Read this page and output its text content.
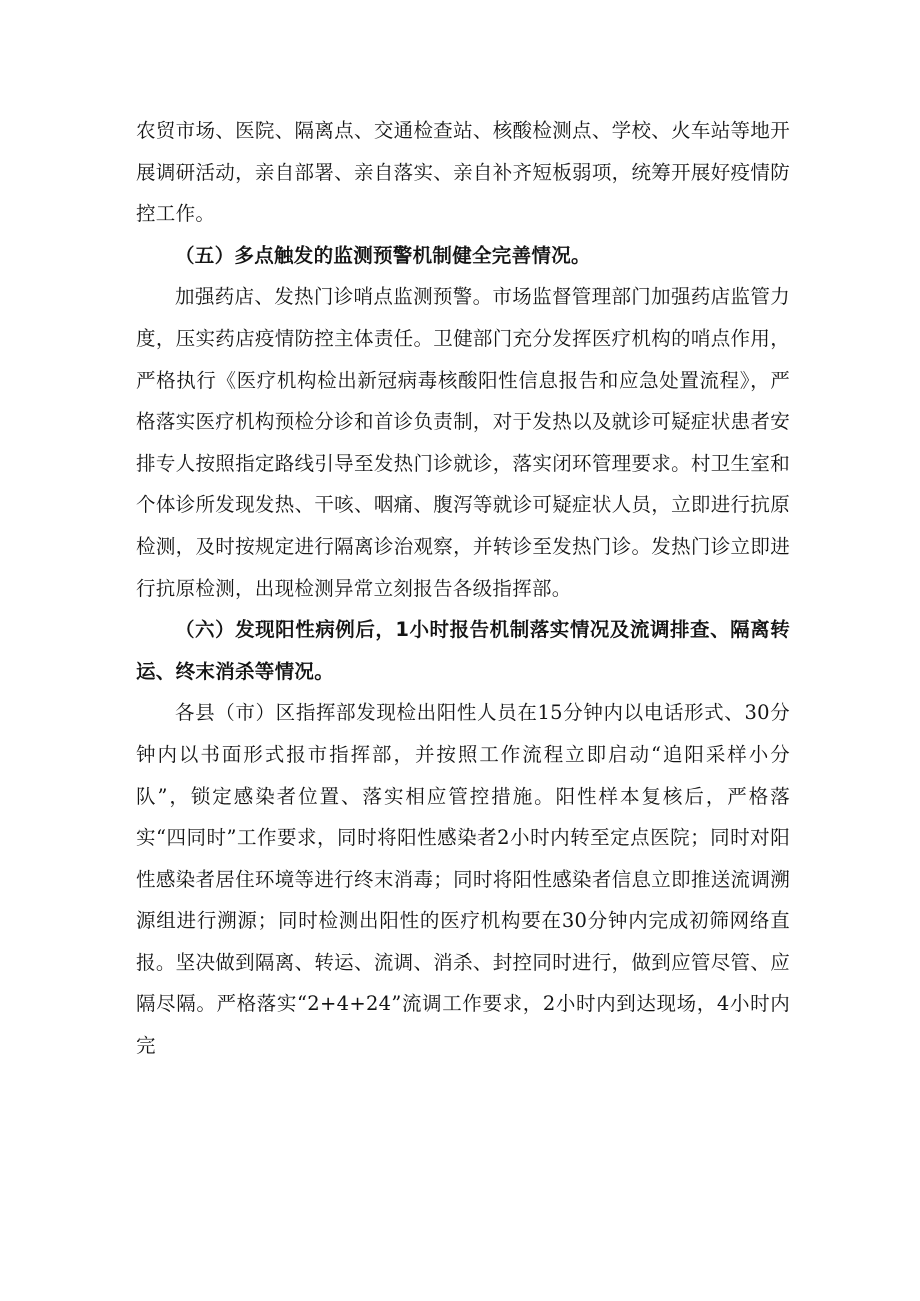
农贸市场、医院、隔离点、交通检查站、核酸检测点、学校、火车站等地开展调研活动，亲自部署、亲自落实、亲自补齐短板弱项，统筹开展好疫情防控工作。

（五）多点触发的监测预警机制健全完善情况。

加强药店、发热门诊哨点监测预警。市场监督管理部门加强药店监管力度，压实药店疫情防控主体责任。卫健部门充分发挥医疗机构的哨点作用，严格执行《医疗机构检出新冠病毒核酸阳性信息报告和应急处置流程》，严格落实医疗机构预检分诊和首诊负责制，对于发热以及就诊可疑症状患者安排专人按照指定路线引导至发热门诊就诊，落实闭环管理要求。村卫生室和个体诊所发现发热、干咳、咽痛、腹泻等就诊可疑症状人员，立即进行抗原检测，及时按规定进行隔离诊治观察，并转诊至发热门诊。发热门诊立即进行抗原检测，出现检测异常立刻报告各级指挥部。

（六）发现阳性病例后，1小时报告机制落实情况及流调排查、隔离转运、终末消杀等情况。

各县（市）区指挥部发现检出阳性人员在15分钟内以电话形式、30分钟内以书面形式报市指挥部，并按照工作流程立即启动“追阳采样小分队”，锁定感染者位置、落实相应管控措施。阳性样本复核后，严格落实“四同时”工作要求，同时将阳性感染者2小时内转至定点医院；同时对阳性感染者居住环境等进行终末消毒；同时将阳性感染者信息立即推送流调溯源组进行溯源；同时检测出阳性的医疗机构要在30分钟内完成初筛网络直报。坚决做到隔离、转运、流调、消杀、封控同时进行，做到应管尽管、应隔尽隔。严格落实“2+4+24”流调工作要求，2小时内到达现场，4小时内完
